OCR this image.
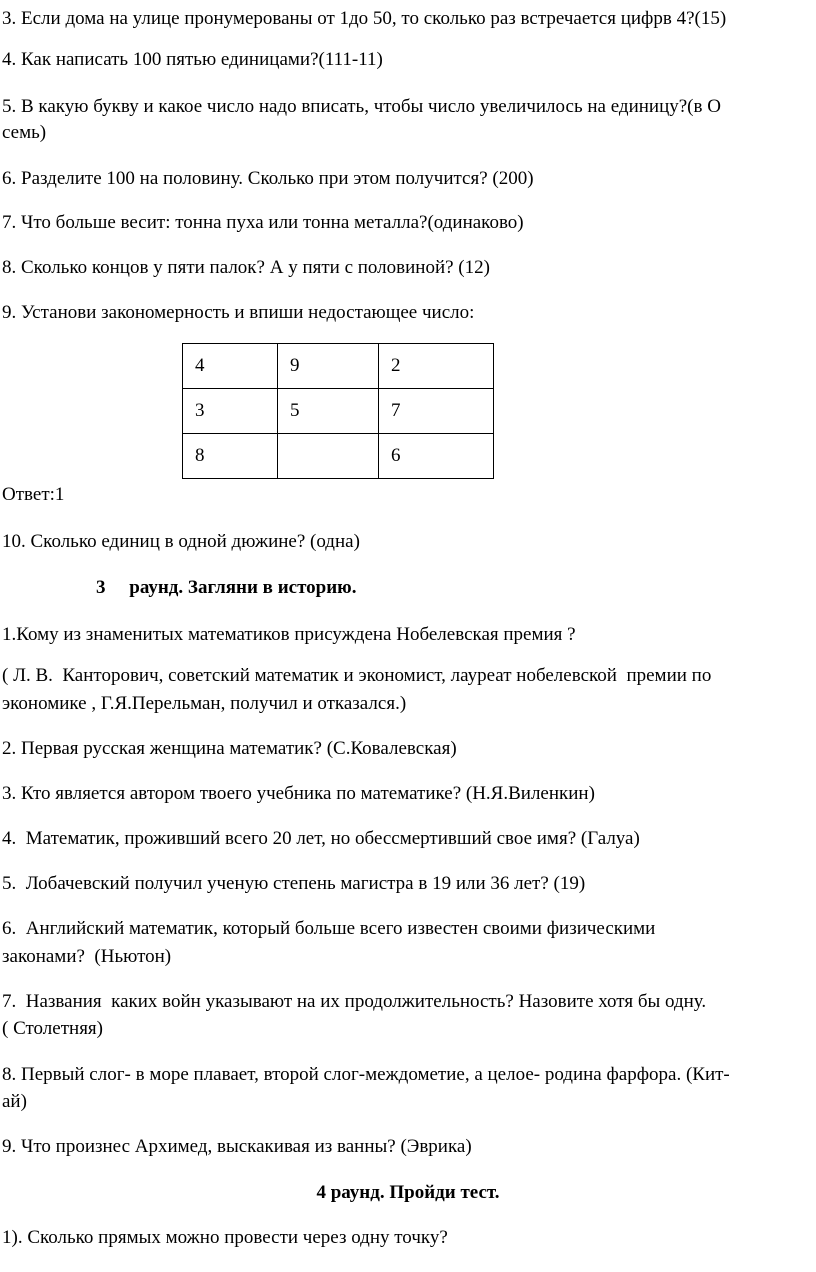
3. Если дома на улице пронумерованы от 1до 50, то сколько раз встречается цифрв 4?(15)
4. Как написать 100 пятью единицами?(111-11)
5. В какую букву и какое число надо вписать, чтобы число увеличилось на единицу?(в О
семь)
6. Разделите 100 на половину. Сколько при этом получится? (200)
7. Что больше весит: тонна пуха или тонна металла?(одинаково)
8. Сколько концов у пяти палок? А у пяти с половиной? (12)
9. Установи закономерность и впиши недостающее число:
4	9	2
3	5	7
8		6
Ответ:1
10. Сколько единиц в одной дюжине? (одна)
3     раунд. Загляни в историю.
1.Кому из знаменитых математиков присуждена Нобелевская премия ?
( Л. В.  Канторович, советский математик и экономист, лауреат нобелевской  премии по
экономике , Г.Я.Перельман, получил и отказался.)
2. Первая русская женщина математик? (С.Ковалевская)
3. Кто является автором твоего учебника по математике? (Н.Я.Виленкин)
4.  Математик, проживший всего 20 лет, но обессмертивший свое имя? (Галуа)
5.  Лобачевский получил ученую степень магистра в 19 или 36 лет? (19)
6.  Английский математик, который больше всего известен своими физическими
законами?  (Ньютон)
7.  Названия  каких войн указывают на их продолжительность? Назовите хотя бы одну.
( Столетняя)
8. Первый слог- в море плавает, второй слог-междометие, а целое- родина фарфора. (Кит-
ай)
9. Что произнес Архимед, выскакивая из ванны? (Эврика)
4 раунд. Пройди тест.
1). Сколько прямых можно провести через одну точку?
